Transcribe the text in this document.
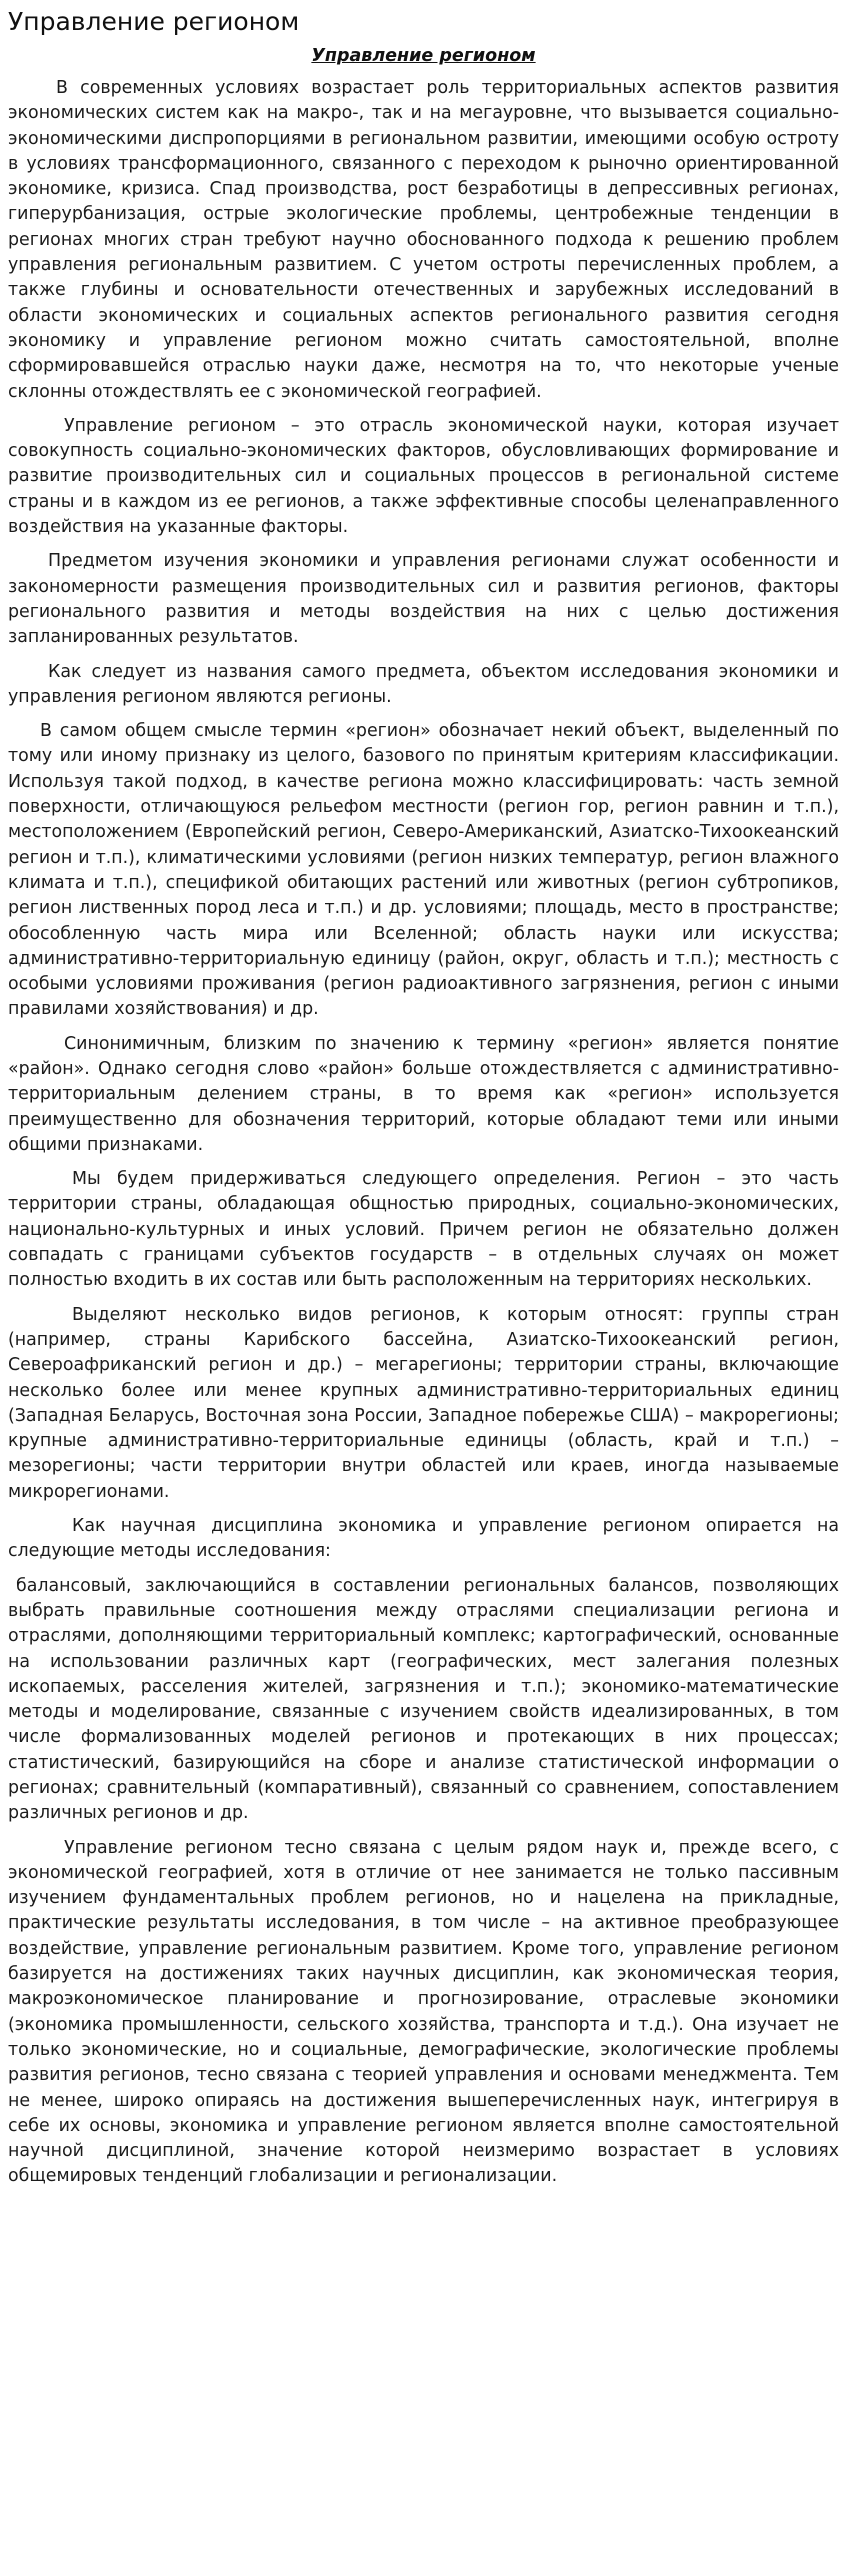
Управление регионом
Управление регионом

В современных условиях возрастает роль территориальных аспектов развития экономических систем как на макро-, так и на мегауровне, что вызывается социально-экономическими диспропорциями в региональном развитии, имеющими особую остроту в условиях трансформационного, связанного с переходом к рыночно ориентированной экономике, кризиса. Спад производства, рост безработицы в депрессивных регионах, гиперурбанизация, острые экологические проблемы, центробежные тенденции в регионах многих стран требуют научно обоснованного подхода к решению проблем управления региональным развитием. С учетом остроты перечисленных проблем, а также глубины и основательности отечественных и зарубежных исследований в области экономических и социальных аспектов регионального развития сегодня экономику и управление регионом можно считать самостоятельной, вполне сформировавшейся отраслью науки даже, несмотря на то, что некоторые ученые склонны отождествлять ее с экономической географией.

Управление регионом – это отрасль экономической науки, которая изучает совокупность социально-экономических факторов, обусловливающих формирование и развитие производительных сил и социальных процессов в региональной системе страны и в каждом из ее регионов, а также эффективные способы целенаправленного воздействия на указанные факторы.

Предметом изучения экономики и управления регионами служат особенности и закономерности размещения производительных сил и развития регионов, факторы регионального развития и методы воздействия на них с целью достижения запланированных результатов.

Как следует из названия самого предмета, объектом исследования экономики и управления регионом являются регионы.

В самом общем смысле термин «регион» обозначает некий объект, выделенный по тому или иному признаку из целого, базового по принятым критериям классификации. Используя такой подход, в качестве региона можно классифицировать: часть земной поверхности, отличающуюся рельефом местности (регион гор, регион равнин и т.п.), местоположением (Европейский регион, Северо-Американский, Азиатско-Тихоокеанский регион и т.п.), климатическими условиями (регион низких температур, регион влажного климата и т.п.), спецификой обитающих растений или животных (регион субтропиков, регион лиственных пород леса и т.п.) и др. условиями; площадь, место в пространстве; обособленную часть мира или Вселенной; область науки или искусства; административно-территориальную единицу (район, округ, область и т.п.); местность с особыми условиями проживания (регион радиоактивного загрязнения, регион с иными правилами хозяйствования) и др.

Синонимичным, близким по значению к термину «регион» является понятие «район». Однако сегодня слово «район» больше отождествляется с административно-территориальным делением страны, в то время как «регион» используется преимущественно для обозначения территорий, которые обладают теми или иными общими признаками.

Мы будем придерживаться следующего определения. Регион – это часть территории страны, обладающая общностью природных, социально-экономических, национально-культурных и иных условий. Причем регион не обязательно должен совпадать с границами субъектов государств – в отдельных случаях он может полностью входить в их состав или быть расположенным на территориях нескольких.

Выделяют несколько видов регионов, к которым относят: группы стран (например, страны Карибского бассейна, Азиатско-Тихоокеанский регион, Североафриканский регион и др.) – мегарегионы; территории страны, включающие несколько более или менее крупных административно-территориальных единиц (Западная Беларусь, Восточная зона России, Западное побережье США) – макрорегионы; крупные административно-территориальные единицы (область, край и т.п.) – мезорегионы; части территории внутри областей или краев, иногда называемые микрорегионами.

Как научная дисциплина экономика и управление регионом опирается на следующие методы исследования:

балансовый, заключающийся в составлении региональных балансов, позволяющих выбрать правильные соотношения между отраслями специализации региона и отраслями, дополняющими территориальный комплекс; картографический, основанные на использовании различных карт (географических, мест залегания полезных ископаемых, расселения жителей, загрязнения и т.п.); экономико-математические методы и моделирование, связанные с изучением свойств идеализированных, в том числе формализованных моделей регионов и протекающих в них процессах; статистический, базирующийся на сборе и анализе статистической информации о регионах; сравнительный (компаративный), связанный со сравнением, сопоставлением различных регионов и др.

Управление регионом тесно связана с целым рядом наук и, прежде всего, с экономической географией, хотя в отличие от нее занимается не только пассивным изучением фундаментальных проблем регионов, но и нацелена на прикладные, практические результаты исследования, в том числе – на активное преобразующее воздействие, управление региональным развитием. Кроме того, управление регионом базируется на достижениях таких научных дисциплин, как экономическая теория, макроэкономическое планирование и прогнозирование, отраслевые экономики (экономика промышленности, сельского хозяйства, транспорта и т.д.). Она изучает не только экономические, но и социальные, демографические, экологические проблемы развития регионов, тесно связана с теорией управления и основами менеджмента. Тем не менее, широко опираясь на достижения вышеперечисленных наук, интегрируя в себе их основы, экономика и управление регионом является вполне самостоятельной научной дисциплиной, значение которой неизмеримо возрастает в условиях общемировых тенденций глобализации и регионализации.
